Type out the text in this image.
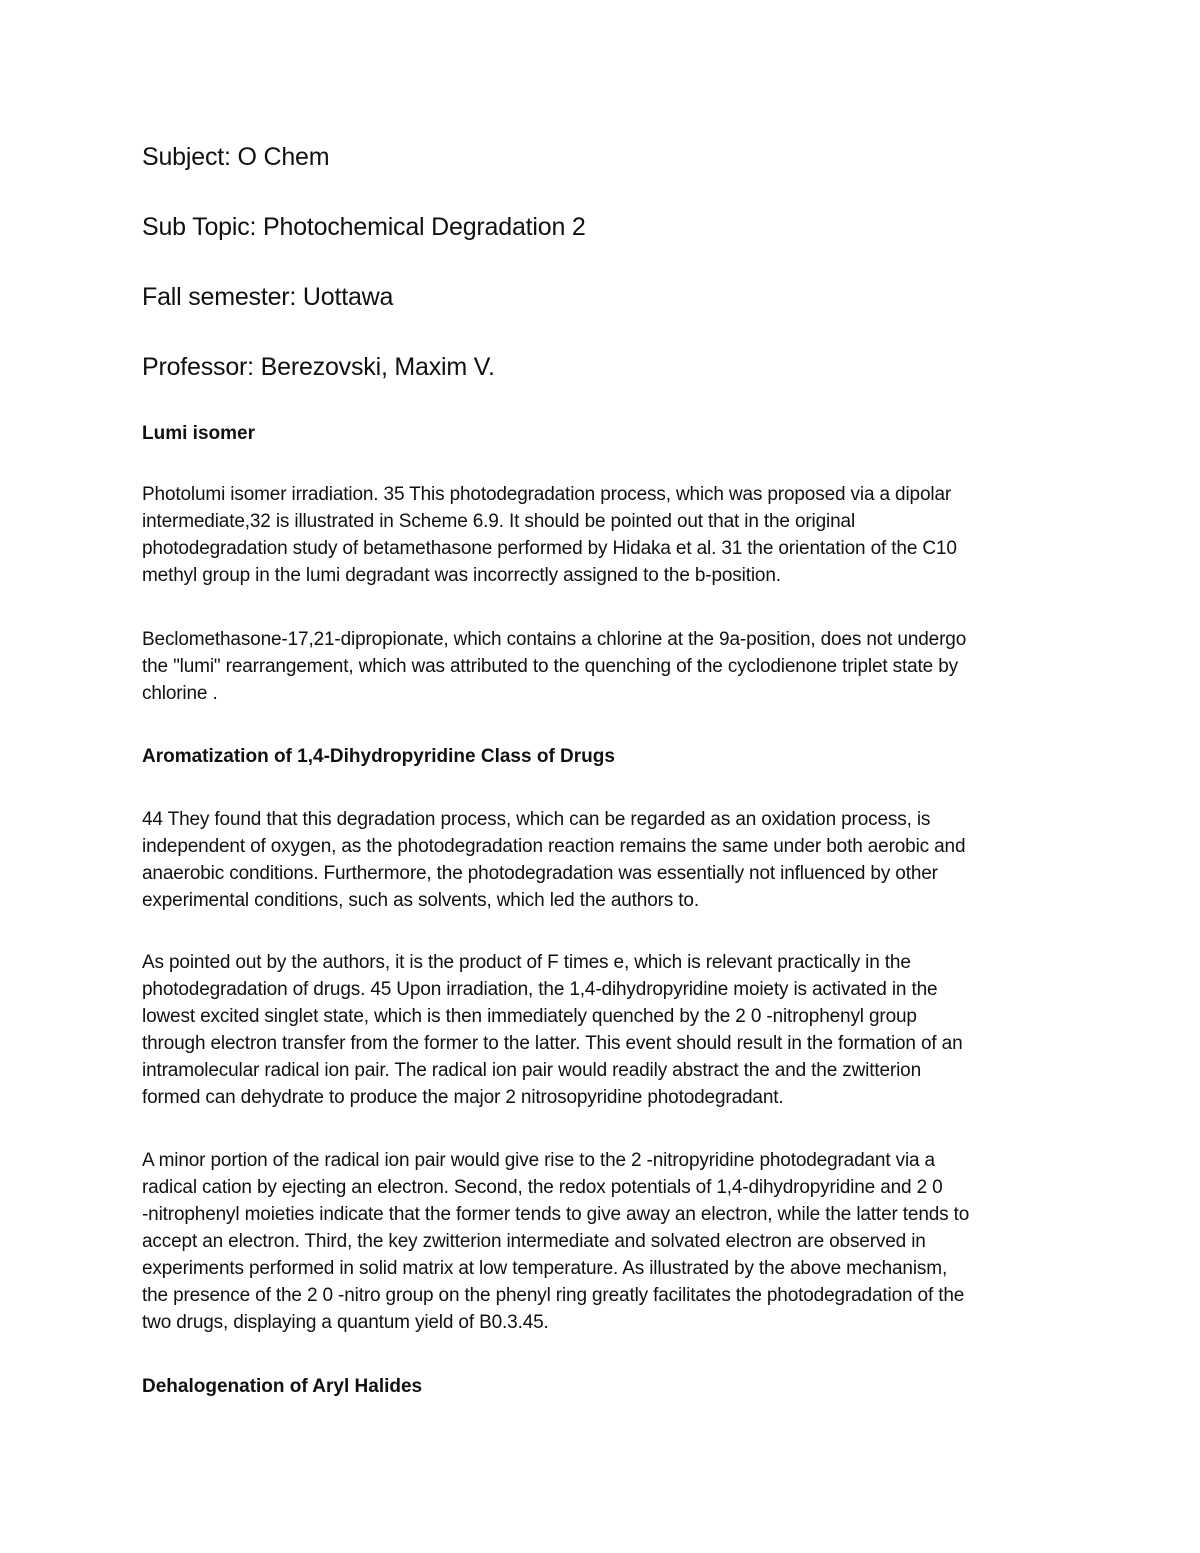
Subject: O Chem
Sub Topic: Photochemical Degradation 2
Fall semester: Uottawa
Professor: Berezovski, Maxim V.
Lumi isomer
Photolumi isomer irradiation. 35 This photodegradation process, which was proposed via a dipolar
intermediate,32 is illustrated in Scheme 6.9. It should be pointed out that in the original
photodegradation study of betamethasone performed by Hidaka et al. 31 the orientation of the C10
methyl group in the lumi degradant was incorrectly assigned to the b-position.
Beclomethasone-17,21-dipropionate, which contains a chlorine at the 9a-position, does not undergo
the "lumi" rearrangement, which was attributed to the quenching of the cyclodienone triplet state by
chlorine .
Aromatization of 1,4-Dihydropyridine Class of Drugs
44 They found that this degradation process, which can be regarded as an oxidation process, is
independent of oxygen, as the photodegradation reaction remains the same under both aerobic and
anaerobic conditions. Furthermore, the photodegradation was essentially not influenced by other
experimental conditions, such as solvents, which led the authors to.
As pointed out by the authors, it is the product of F times e, which is relevant practically in the
photodegradation of drugs. 45 Upon irradiation, the 1,4-dihydropyridine moiety is activated in the
lowest excited singlet state, which is then immediately quenched by the 2 0 -nitrophenyl group
through electron transfer from the former to the latter. This event should result in the formation of an
intramolecular radical ion pair. The radical ion pair would readily abstract the and the zwitterion
formed can dehydrate to produce the major 2 nitrosopyridine photodegradant.
A minor portion of the radical ion pair would give rise to the 2 -nitropyridine photodegradant via a
radical cation by ejecting an electron. Second, the redox potentials of 1,4-dihydropyridine and 2 0
-nitrophenyl moieties indicate that the former tends to give away an electron, while the latter tends to
accept an electron. Third, the key zwitterion intermediate and solvated electron are observed in
experiments performed in solid matrix at low temperature. As illustrated by the above mechanism,
the presence of the 2 0 -nitro group on the phenyl ring greatly facilitates the photodegradation of the
two drugs, displaying a quantum yield of B0.3.45.
Dehalogenation of Aryl Halides
